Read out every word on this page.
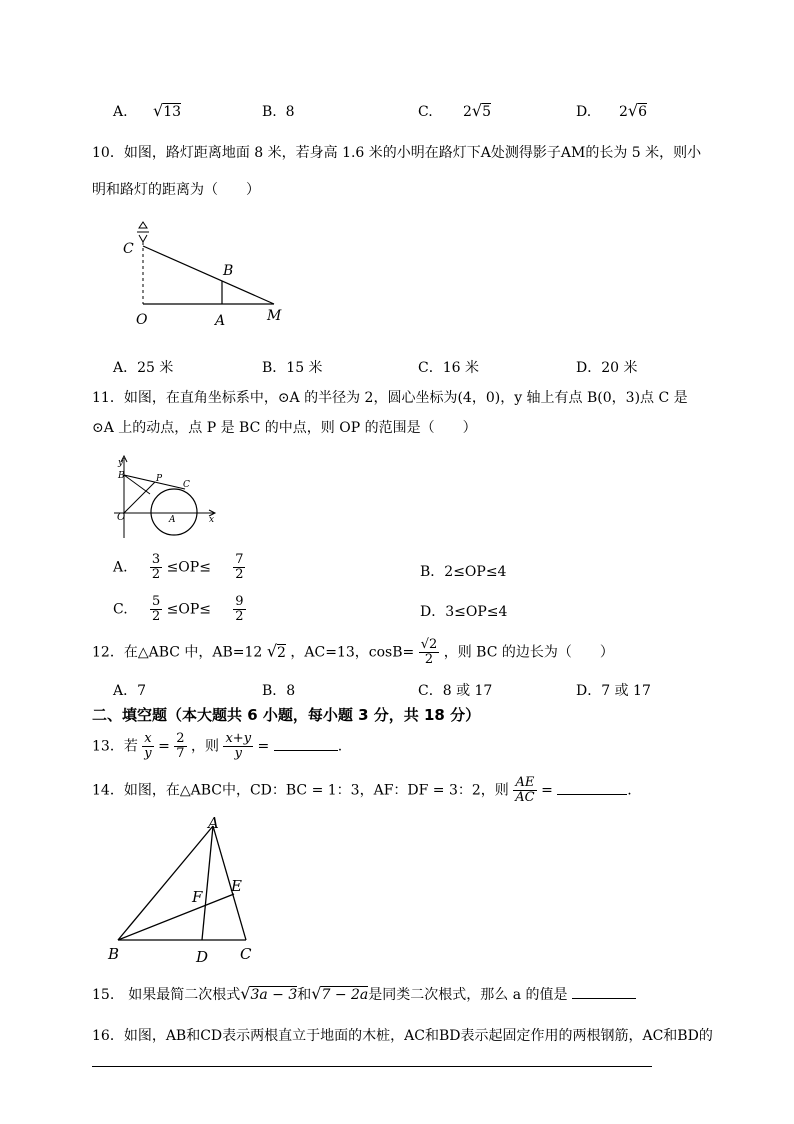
A. √13	B. 8	C. 2√5	D. 2√6
10．如图，路灯距离地面 8 米，若身高 1.6 米的小明在路灯下A处测得影子AM的长为 5 米，则小
明和路灯的距离为（　　）
C
B
O	A	M
A．25 米	B．15 米	C．16 米	D．20 米
11．如图，在直角坐标系中，⊙A 的半径为 2，圆心坐标为(4，0)，y 轴上有点 B(0，3)点 C 是
⊙A 上的动点，点 P 是 BC 的中点，则 OP 的范围是（　　）
y
B	P
C
O	A	x
A. $\frac{3}{2} \le OP\le \frac{7}{2}$	B．2≤OP≤4
C. $\frac{5}{2} \le OP\le \frac{9}{2}$	D．3≤OP≤4
12．在△ABC 中，AB=12 √2 ，AC=13，$\cos B= \frac{√2}{2}$ ，则 BC 的边长为（　　）
A．7	B．8	C．8 或 17	D．7 或 17
二、填空题（本大题共 6 小题，每小题 3 分，共 18 分）
13．若 $\frac{x}{y} = \frac{2}{7}$ ，则 $\frac{x+y}{y}$ =	.
14．如图，在△ABC中，CD：BC = 1：3，AF：DF = 3：2，则 $\frac{AE}{AC}$ =	.
A
E
F
B	D C
15.　如果最简二次根式√3a − 3和√7 − 2a是同类二次根式，那么 a 的值是
16．如图，AB和CD表示两根直立于地面的木桩，AC和BD表示起固定作用的两根钢筋，AC和BD的
